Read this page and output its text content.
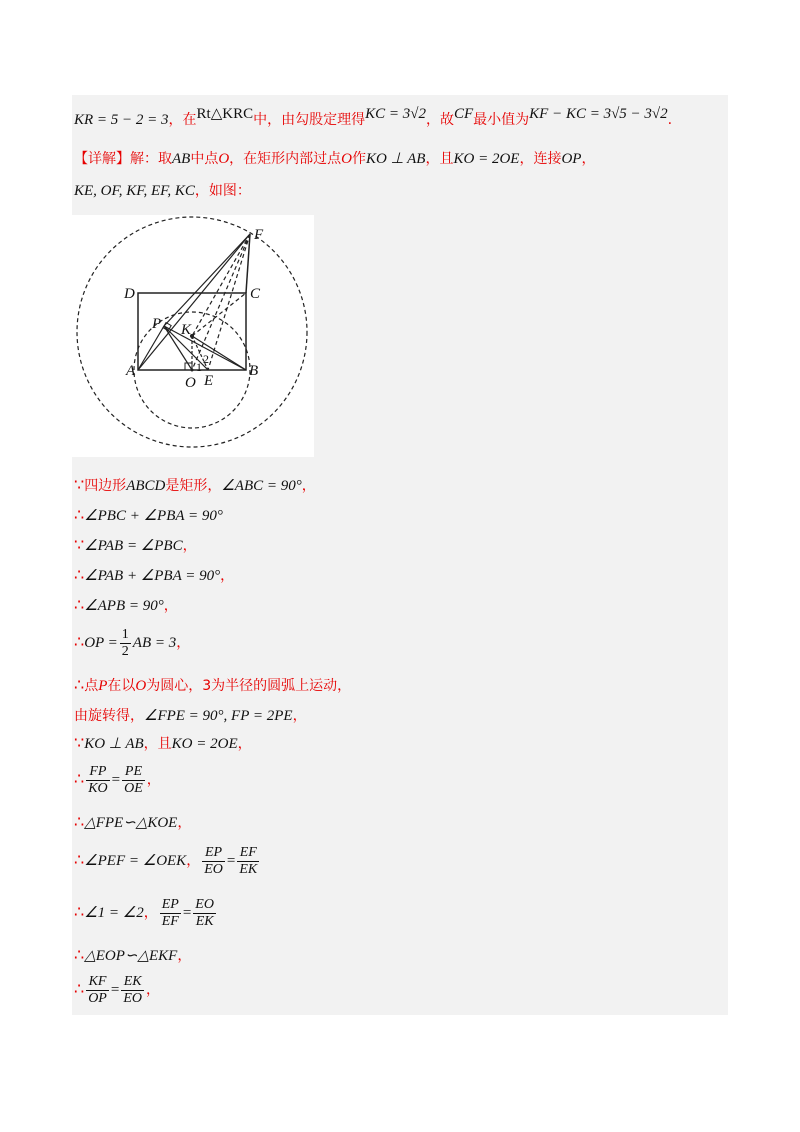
KR = 5 − 2 = 3，在Rt△KRC中，由勾股定理得KC = 3√2，故CF最小值为KF − KC = 3√5 − 3√2.
【详解】解：取AB中点O，在矩形内部过点O作KO ⊥ AB，且KO = 2OE，连接OP，
KE, OF, KF, EF, KC，如图：
F
D	C
P K
A
O
1
2
E
B
∵四边形ABCD是矩形，∠ABC = 90°，
∴∠PBC + ∠PBA = 90°
∵∠PAB = ∠PBC，
∴∠PAB + ∠PBA = 90°，
∴∠APB = 90°，
∴OP = $\frac{1}{2}$ AB = 3，
∴点P在以O为圆心，3为半径的圆弧上运动，
由旋转得，∠FPE = 90°, FP = 2PE，
∵KO ⊥ AB，且KO = 2OE，
∴ $\frac{FP}{KO} = \frac{PE}{OE}$ ，
∴△FPE∽△KOE，
∴∠PEF = ∠OEK， $\frac{EP}{EO} = \frac{EF}{EK}$
∴∠1 = ∠2， $\frac{EP}{EF} = \frac{EO}{EK}$
∴△EOP∽△EKF，
∴ $\frac{KF}{OP} = \frac{EK}{EO}$ ，
